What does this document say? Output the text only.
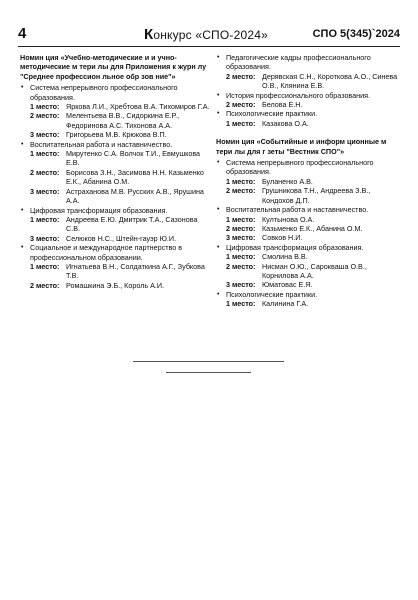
4	Конкурс «СПО-2024»	СПО 5(345)`2024
Номин ция «Учебно-методические и и учно-методические м тери лы для Приложения к журн лу "Среднее профессион льное обр зов ние"»
• Система непрерывного профессионального образования.
1 место: Яркова Л.И., Хребтова В.А. Тихомиров Г.А.
2 место: Мелентьева В.В., Сидоркина Е.Р., Федоринова А.С. Тихонова А.А.
3 место: Григорьева М.В. Крюкова В.П.
• Воспитательная работа и наставничество.
1 место: Мирутенко С.А. Волчок Т.И., Евмушкова Е.В.
2 место: Борисова З.Н., Засимова Н.Н. Казьменко Е.К., Абанина О.М.
3 место: Астраханова М.В. Русских А.В., Ярушина А.А.
• Цифровая трансформация образования.
1 место: Андреева Е.Ю. Дмитрик Т.А., Сазонова С.В.
3 место: Селюков Н.С., Штейн-гауэр Ю.И.
• Социальное и международное партнерство в профессиональном образовании.
1 место: Игнатьева В.Н., Солдаткина А.Г., Зубкова Т.В.
2 место: Ромашкина Э.Б., Король А.И.
• Педагогические кадры профессионального образования.
2 место: Дерявская С.Н., Короткова А.О., Синева О.В., Клянина Е.В.
• История профессионального образования.
2 место: Белова Е.Н.
• Психологические практики.
1 место: Казакова О.А.
Номин ция «Событийные и информ ционные м тери лы для г зеты "Вестник СПО"»
• Система непрерывного профессионального образования.
1 место: Буланенко А.В.
2 место: Грушникова Т.Н., Андреева З.В., Кондохов Д.П.
• Воспитательная работа и наставничество.
1 место: Култынова О.А.
2 место: Казьменко Е.К., Абанина О.М.
3 место: Совков Н.И.
• Цифровая трансформация образования.
1 место: Смолина В.В.
2 место: Нисман О.Ю., Сарокваша О.В., Корнилова А.А.
3 место: Юматовас Е.Я.
• Психологические практики.
1 место: Калинина Г.А.
